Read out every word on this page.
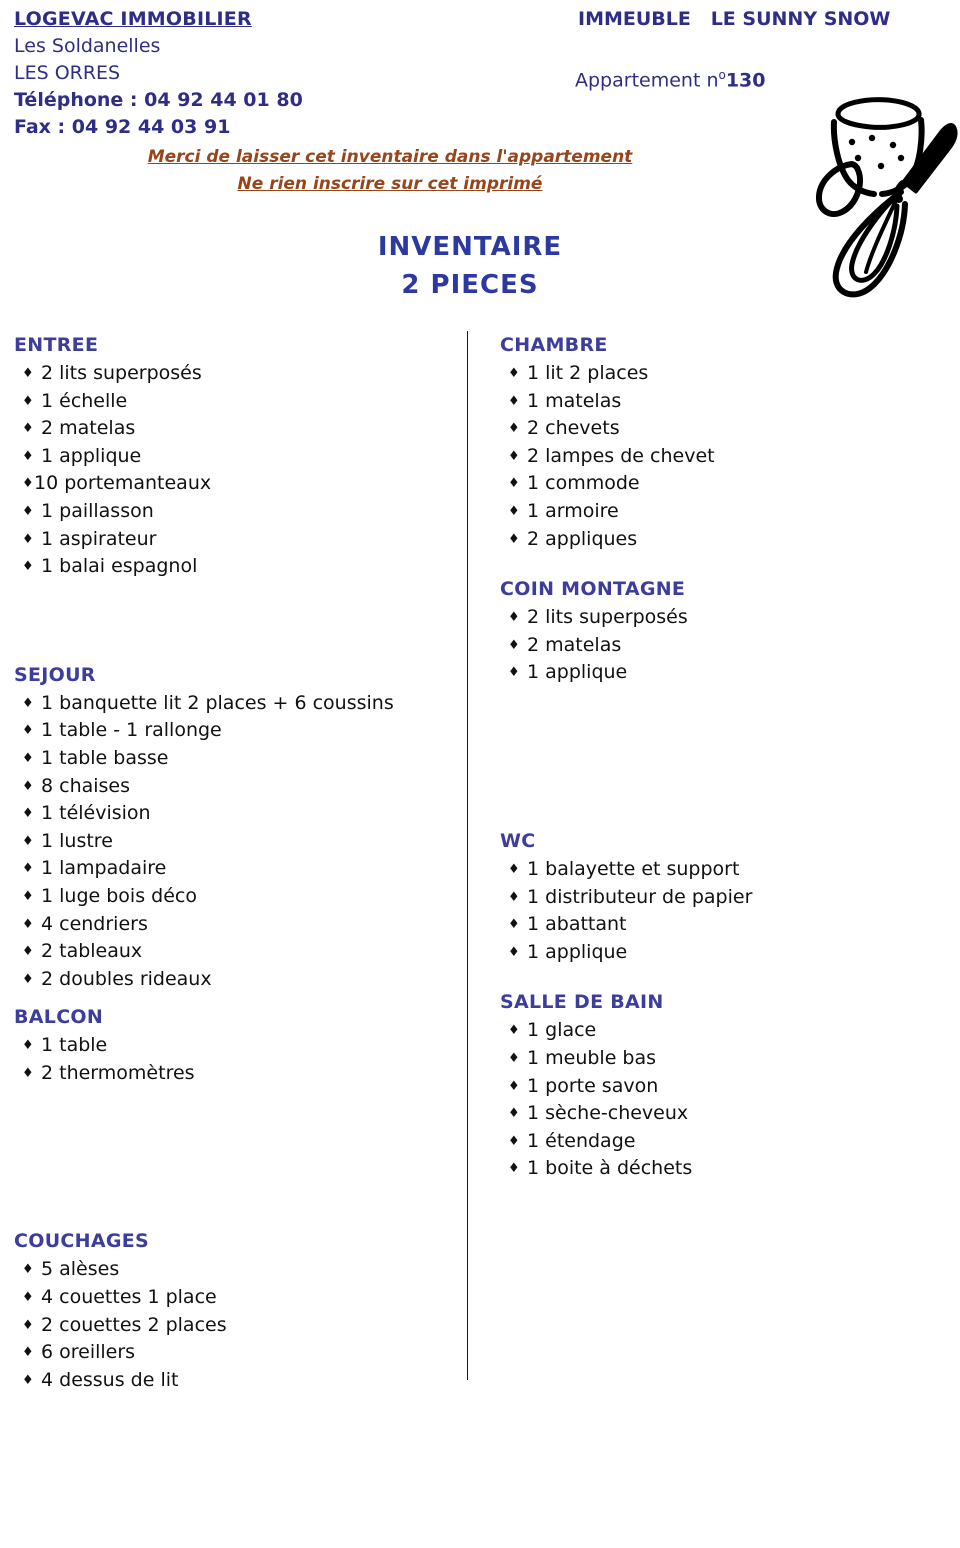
LOGEVAC IMMOBILIER
Les Soldanelles
LES ORRES
Téléphone : 04 92 44 01 80
Fax : 04 92 44 03 91
IMMEUBLE   LE SUNNY SNOW
Appartement $n^o130$
Merci de laisser cet inventaire dans l'appartement
Ne rien inscrire sur cet imprimé
INVENTAIRE
2 PIECES
ENTREE
♦ 2 lits superposés
♦ 1 échelle
♦ 2 matelas
♦ 1 applique
♦ 10 portemanteaux
♦ 1 paillasson
♦ 1 aspirateur
♦ 1 balai espagnol
SEJOUR
♦ 1 banquette lit 2 places + 6 coussins
♦ 1 table - 1 rallonge
♦ 1 table basse
♦ 8 chaises
♦ 1 télévision
♦ 1 lustre
♦ 1 lampadaire
♦ 1 luge bois déco
♦ 4 cendriers
♦ 2 tableaux
♦ 2 doubles rideaux
BALCON
♦ 1 table
♦ 2 thermomètres
COUCHAGES
♦ 5 alèses
♦ 4 couettes 1 place
♦ 2 couettes 2 places
♦ 6 oreillers
♦ 4 dessus de lit
CHAMBRE
♦ 1 lit 2 places
♦ 1 matelas
♦ 2 chevets
♦ 2 lampes de chevet
♦ 1 commode
♦ 1 armoire
♦ 2 appliques
COIN MONTAGNE
♦ 2 lits superposés
♦ 2 matelas
♦ 1 applique
WC
♦ 1 balayette et support
♦ 1 distributeur de papier
♦ 1 abattant
♦ 1 applique
SALLE DE BAIN
♦ 1 glace
♦ 1 meuble bas
♦ 1 porte savon
♦ 1 sèche-cheveux
♦ 1 étendage
♦ 1 boite à déchets
